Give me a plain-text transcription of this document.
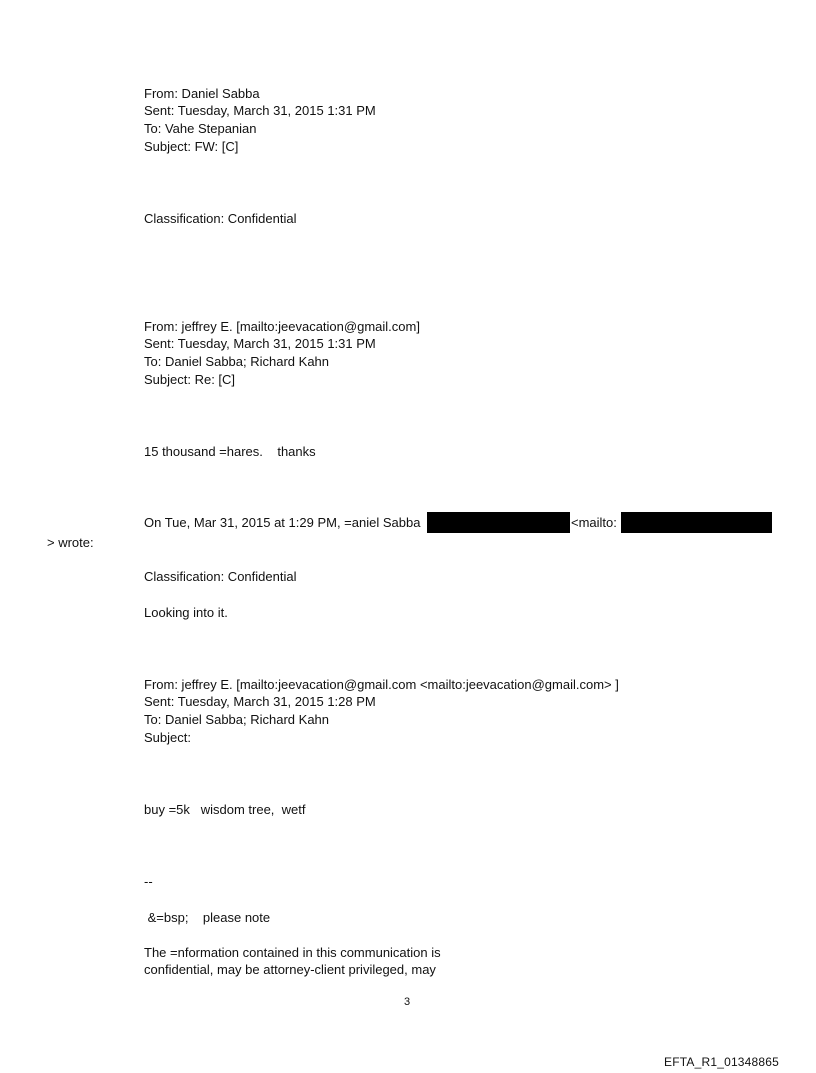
From: Daniel Sabba
Sent: Tuesday, March 31, 2015 1:31 PM
To: Vahe Stepanian
Subject: FW: [C]
Classification: Confidential
From: jeffrey E. [mailto:jeevacation@gmail.com]
Sent: Tuesday, March 31, 2015 1:31 PM
To: Daniel Sabba; Richard Kahn
Subject: Re: [C]
15 thousand =hares.    thanks
On Tue, Mar 31, 2015 at 1:29 PM, =aniel Sabba	<mailto:
> wrote:
Classification: Confidential
Looking into it.
From: jeffrey E. [mailto:jeevacation@gmail.com <mailto:jeevacation@gmail.com> ]
Sent: Tuesday, March 31, 2015 1:28 PM
To: Daniel Sabba; Richard Kahn
Subject:
buy =5k   wisdom tree,  wetf
--
&=bsp;    please note
The =nformation contained in this communication is
confidential, may be attorney-client privileged, may
3
EFTA_R1_01348865
